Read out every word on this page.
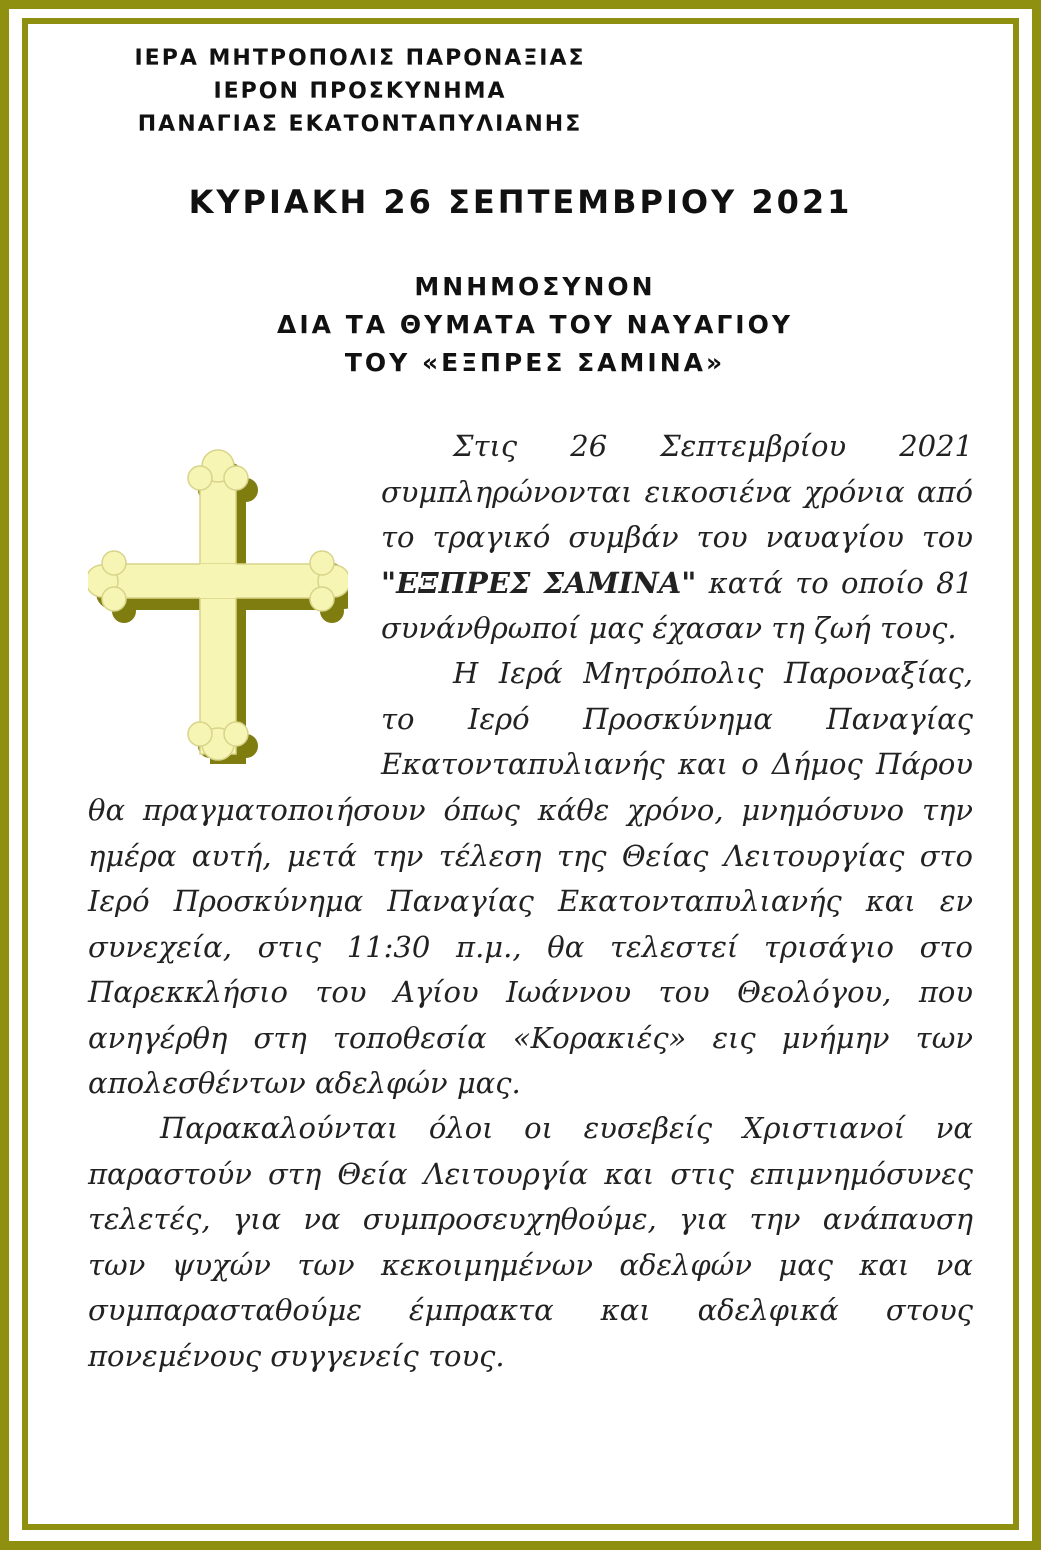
ΙΕΡΑ ΜΗΤΡΟΠΟΛΙΣ ΠΑΡΟΝΑΞΙΑΣ
ΙΕΡΟΝ ΠΡΟΣΚΥΝΗΜΑ
ΠΑΝΑΓΙΑΣ ΕΚΑΤΟΝΤΑΠΥΛΙΑΝΗΣ
ΚΥΡΙΑΚΗ 26 ΣΕΠΤΕΜΒΡΙΟΥ 2021
ΜΝΗΜΟΣΥΝΟΝ
ΔΙΑ ΤΑ ΘΥΜΑΤΑ ΤΟΥ ΝΑΥΑΓΙΟΥ
ΤΟΥ «ΕΞΠΡΕΣ ΣΑΜΙΝΑ»
Στις 26 Σεπτεμβρίου 2021
συμπληρώνονται εικοσιένα χρόνια από
το τραγικό συμβάν του ναυαγίου του
"ΕΞΠΡΕΣ ΣΑΜΙΝΑ" κατά το οποίο 81
συνάνθρωποί μας έχασαν τη ζωή τους.
Η Ιερά Μητρόπολις Παροναξίας,
το Ιερό Προσκύνημα Παναγίας
Εκατονταπυλιανής και ο Δήμος Πάρου
θα πραγματοποιήσουν όπως κάθε χρόνο, μνημόσυνο την
ημέρα αυτή, μετά την τέλεση της Θείας Λειτουργίας στο
Ιερό Προσκύνημα Παναγίας Εκατονταπυλιανής και εν
συνεχεία, στις 11:30 π.μ., θα τελεστεί τρισάγιο στο
Παρεκκλήσιο του Αγίου Ιωάννου του Θεολόγου, που
ανηγέρθη στη τοποθεσία «Κορακιές» εις μνήμην των
απολεσθέντων αδελφών μας.
Παρακαλούνται όλοι οι ευσεβείς Χριστιανοί να
παραστούν στη Θεία Λειτουργία και στις επιμνημόσυνες
τελετές, για να συμπροσευχηθούμε, για την ανάπαυση
των ψυχών των κεκοιμημένων αδελφών μας και να
συμπαρασταθούμε έμπρακτα και αδελφικά στους
πονεμένους συγγενείς τους.
